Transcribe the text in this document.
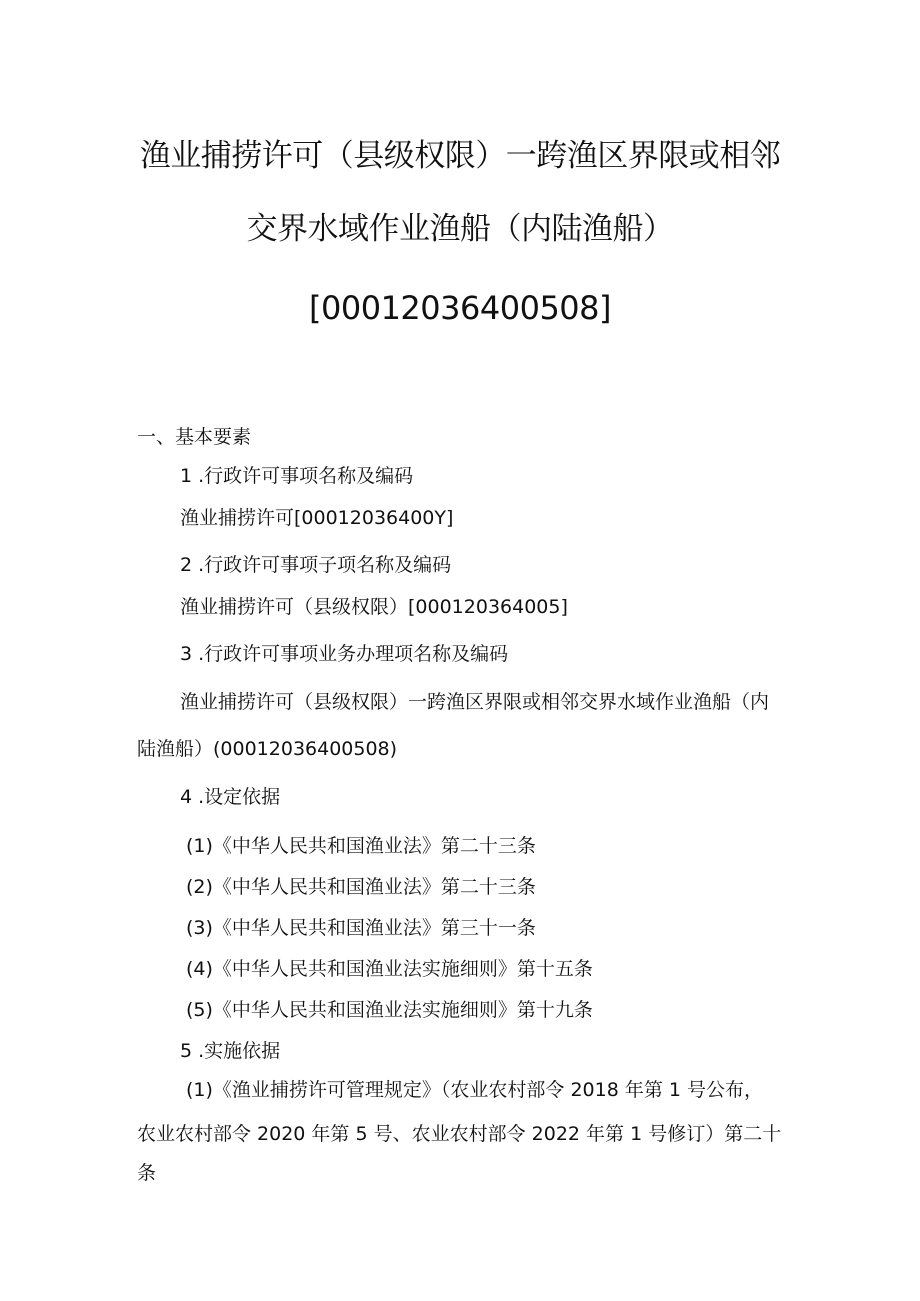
渔业捕捞许可（县级权限）一跨渔区界限或相邻
交界水域作业渔船（内陆渔船）
[00012036400508]
一、基本要素
1 .行政许可事项名称及编码
渔业捕捞许可[00012036400Y]
2 .行政许可事项子项名称及编码
渔业捕捞许可（县级权限）[000120364005]
3 .行政许可事项业务办理项名称及编码
渔业捕捞许可（县级权限）一跨渔区界限或相邻交界水域作业渔船（内
陆渔船）(00012036400508)
4 .设定依据
(1)《中华人民共和国渔业法》第二十三条
(2)《中华人民共和国渔业法》第二十三条
(3)《中华人民共和国渔业法》第三十一条
(4)《中华人民共和国渔业法实施细则》第十五条
(5)《中华人民共和国渔业法实施细则》第十九条
5 .实施依据
(1)《渔业捕捞许可管理规定》（农业农村部令 2018 年第 1 号公布，
农业农村部令 2020 年第 5 号、农业农村部令 2022 年第 1 号修订）第二十
条
